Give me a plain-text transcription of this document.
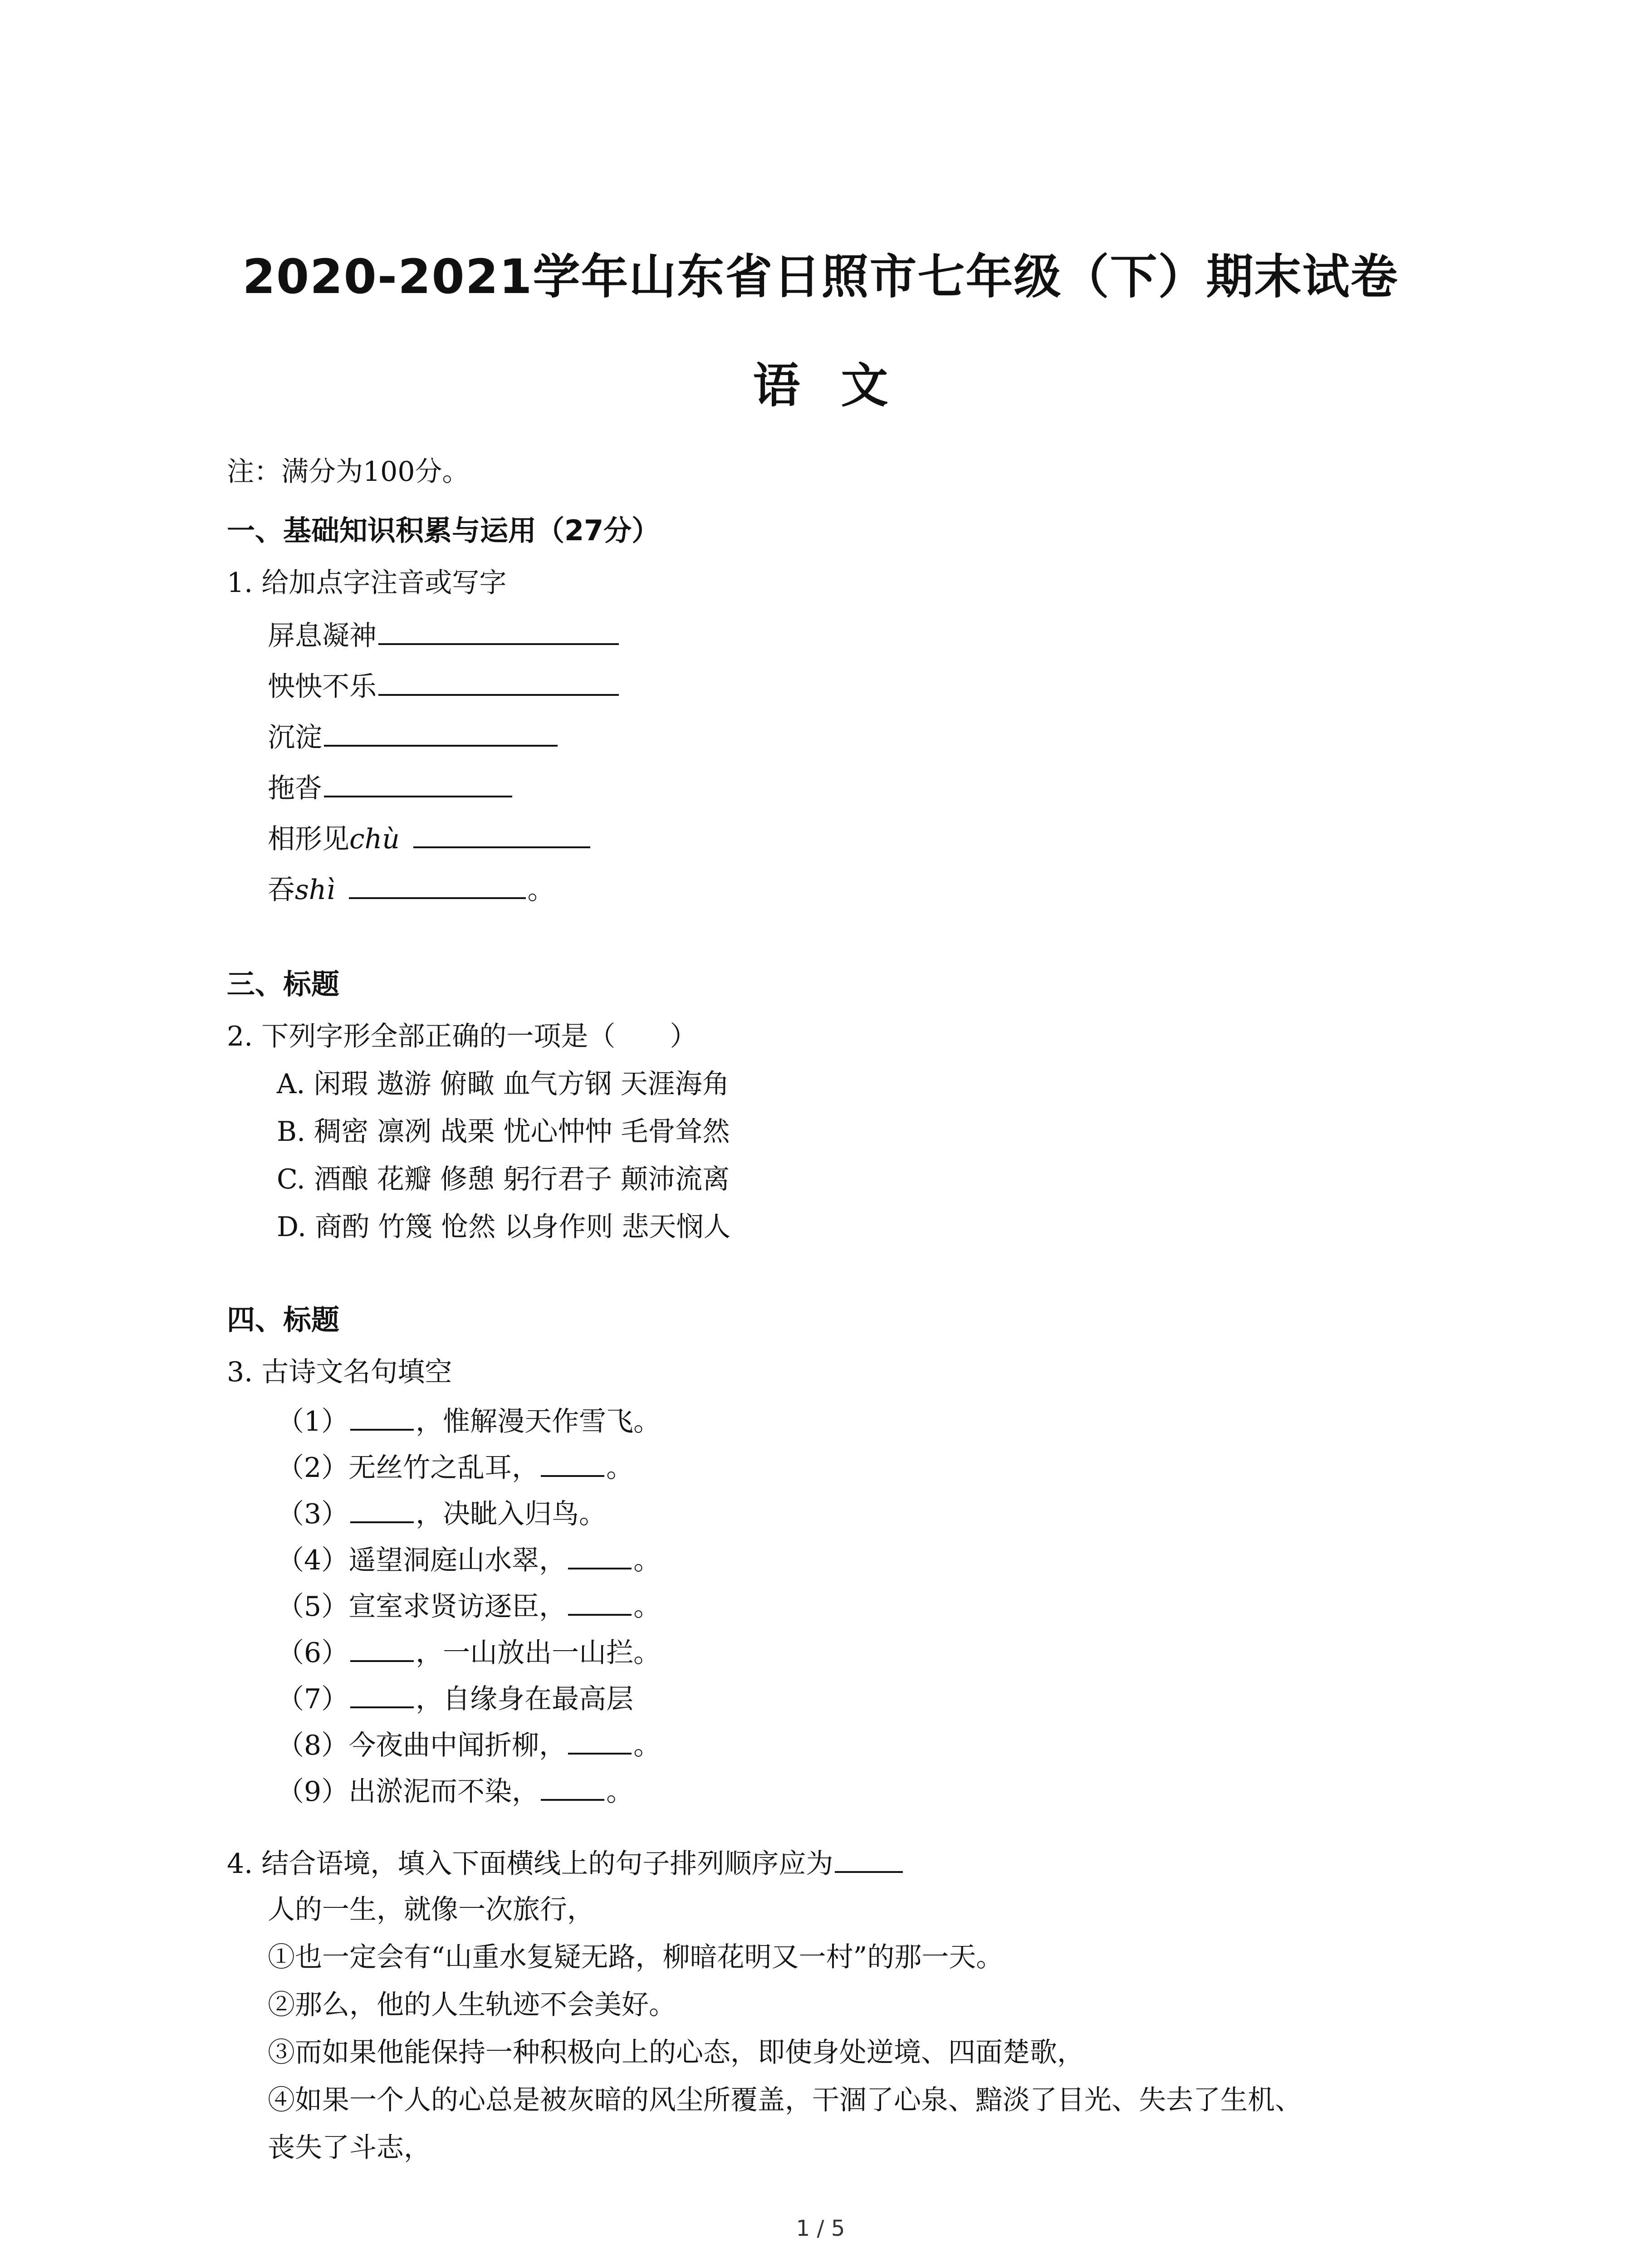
2020-2021学年山东省日照市七年级（下）期末试卷
语文
注：满分为100分。
一、基础知识积累与运用（27分）
1. 给加点字注音或写字
屏息凝神
怏怏不乐
沉淀
拖沓
相形见chù
吞shì	。
三、标题
2. 下列字形全部正确的一项是（　　）
A. 闲瑕 遨游 俯瞰 血气方钢 天涯海角
B. 稠密 凛冽 战栗 忧心忡忡 毛骨耸然
C. 酒酿 花瓣 修憩 躬行君子 颠沛流离
D. 商酌 竹篾 怆然 以身作则 悲天悯人
四、标题
3. 古诗文名句填空
（1） ，惟解漫天作雪飞。
（2）无丝竹之乱耳， 。
（3） ，决眦入归鸟。
（4）遥望洞庭山水翠， 。
（5）宣室求贤访逐臣， 。
（6） ，一山放出一山拦。
（7） ，自缘身在最高层
（8）今夜曲中闻折柳， 。
（9）出淤泥而不染， 。
4. 结合语境，填入下面横线上的句子排列顺序应为
人的一生，就像一次旅行，
①也一定会有“山重水复疑无路，柳暗花明又一村”的那一天。
②那么，他的人生轨迹不会美好。
③而如果他能保持一种积极向上的心态，即使身处逆境、四面楚歌，
④如果一个人的心总是被灰暗的风尘所覆盖，干涸了心泉、黯淡了目光、失去了生机、
丧失了斗志，
1 / 5
